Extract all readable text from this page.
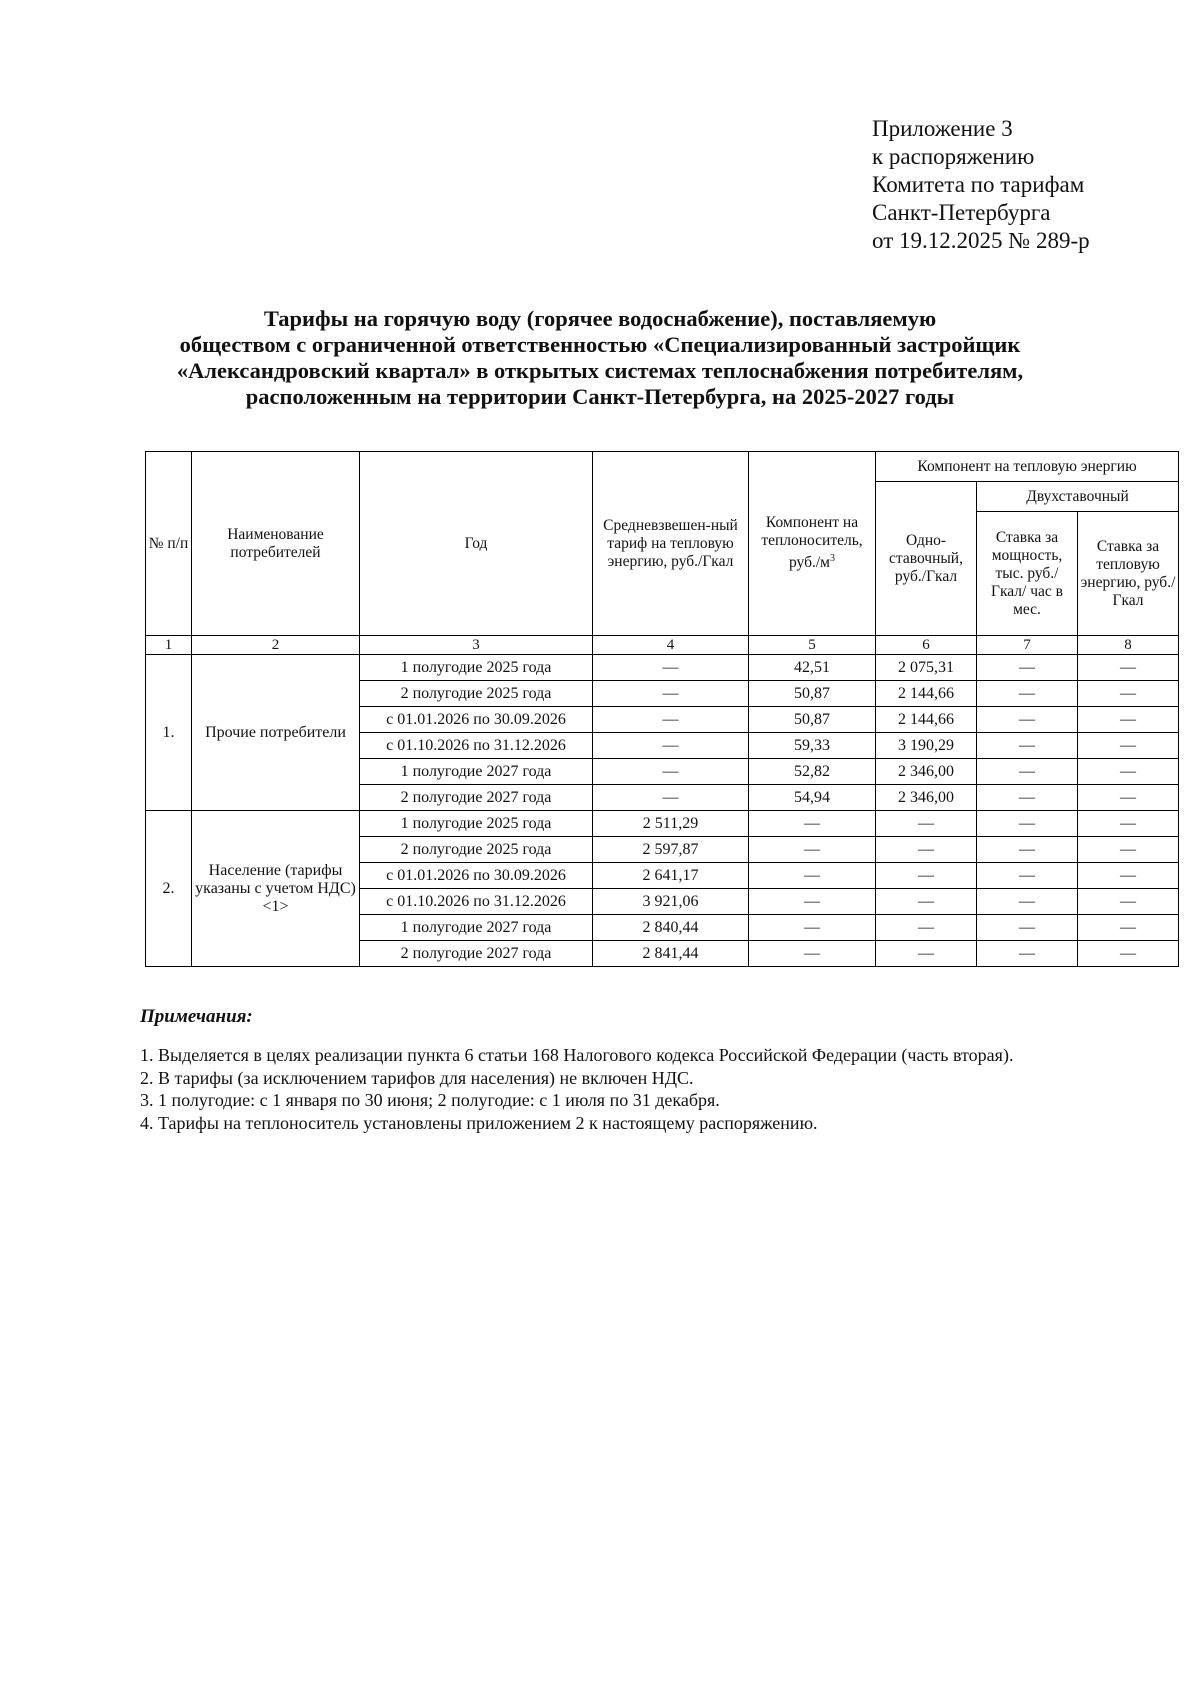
Приложение 3
к распоряжению
Комитета по тарифам
Санкт-Петербурга
от 19.12.2025 № 289-р
Тарифы на горячую воду (горячее водоснабжение), поставляемую
обществом с ограниченной ответственностью «Специализированный застройщик
«Александровский квартал» в открытых системах теплоснабжения потребителям,
расположенным на территории Санкт-Петербурга, на 2025-2027 годы
№ п/п	Наименование потребителей	Год	Средневзвешен-ный тариф на тепловую энергию, руб./Гкал	Компонент на теплоноситель, $руб./м^3$	Компонент на тепловую энергию		
					Одно-ставочный, руб./Гкал	Двухставочный	
						Ставка за мощность, тыс. руб./Гкал/ час в мес.	Ставка за тепловую энергию, руб./Гкал
1	2	3	4	5	6	7	8
1.	Прочие потребители	1 полугодие 2025 года	—	42,51	2 075,31	—	—
		2 полугодие 2025 года	—	50,87	2 144,66	—	—
		с 01.01.2026 по 30.09.2026	—	50,87	2 144,66	—	—
		с 01.10.2026 по 31.12.2026	—	59,33	3 190,29	—	—
		1 полугодие 2027 года	—	52,82	2 346,00	—	—
		2 полугодие 2027 года	—	54,94	2 346,00	—	—
2.	Население (тарифы указаны с учетом НДС) <1>	1 полугодие 2025 года	2 511,29	—	—	—	—
		2 полугодие 2025 года	2 597,87	—	—	—	—
		с 01.01.2026 по 30.09.2026	2 641,17	—	—	—	—
		с 01.10.2026 по 31.12.2026	3 921,06	—	—	—	—
		1 полугодие 2027 года	2 840,44	—	—	—	—
		2 полугодие 2027 года	2 841,44	—	—	—	—
Примечания:
1. Выделяется в целях реализации пункта 6 статьи 168 Налогового кодекса Российской Федерации (часть вторая).
2. В тарифы (за исключением тарифов для населения) не включен НДС.
3. 1 полугодие: с 1 января по 30 июня; 2 полугодие: с 1 июля по 31 декабря.
4. Тарифы на теплоноситель установлены приложением 2 к настоящему распоряжению.
